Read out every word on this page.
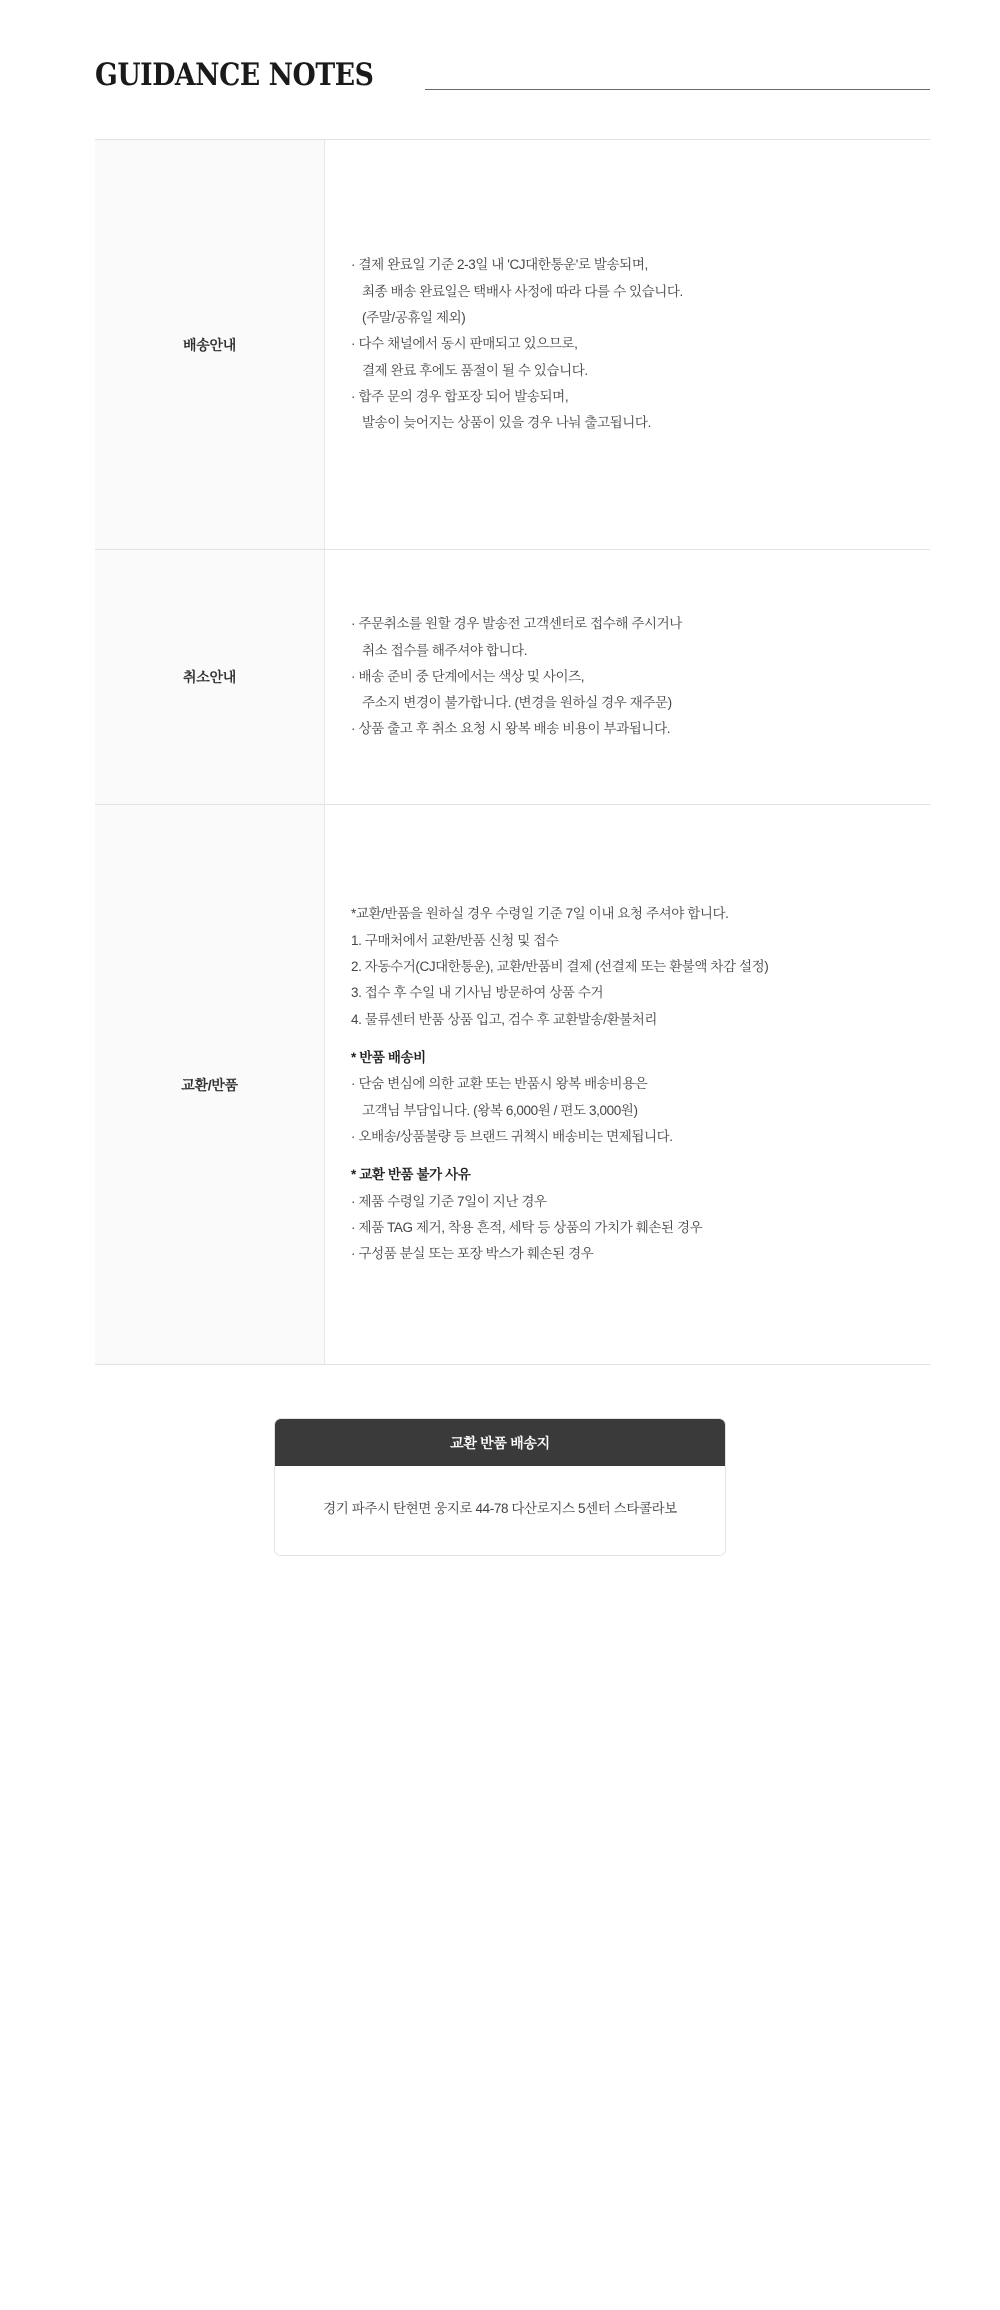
GUIDANCE NOTES
배송안내
· 결제 완료일 기준 2-3일 내 'CJ대한통운'로 발송되며,
최종 배송 완료일은 택배사 사정에 따라 다를 수 있습니다.
(주말/공휴일 제외)
· 다수 채널에서 동시 판매되고 있으므로,
결제 완료 후에도 품절이 될 수 있습니다.
· 합주 문의 경우 합포장 되어 발송되며,
발송이 늦어지는 상품이 있을 경우 나눠 출고됩니다.
취소안내
· 주문취소를 원할 경우 발송전 고객센터로 접수해 주시거나
취소 접수를 해주셔야 합니다.
· 배송 준비 중 단계에서는 색상 및 사이즈,
주소지 변경이 불가합니다. (변경을 원하실 경우 재주문)
· 상품 출고 후 취소 요청 시 왕복 배송 비용이 부과됩니다.
교환/반품
*교환/반품을 원하실 경우 수령일 기준 7일 이내 요청 주셔야 합니다.
1. 구매처에서 교환/반품 신청 및 접수
2. 자동수거(CJ대한통운), 교환/반품비 결제 (선결제 또는 환불액 차감 설정)
3. 접수 후 수일 내 기사님 방문하여 상품 수거
4. 물류센터 반품 상품 입고, 검수 후 교환발송/환불처리
* 반품 배송비
· 단숨 변심에 의한 교환 또는 반품시 왕복 배송비용은
고객님 부담입니다. (왕복 6,000원 / 편도 3,000원)
· 오배송/상품불량 등 브랜드 귀책시 배송비는 면제됩니다.
* 교환 반품 불가 사유
· 제품 수령일 기준 7일이 지난 경우
· 제품 TAG 제거, 착용 흔적, 세탁 등 상품의 가치가 훼손된 경우
· 구성품 분실 또는 포장 박스가 훼손된 경우
교환 반품 배송지
경기 파주시 탄현면 웅지로 44-78 다산로지스 5센터 스타콜라보
